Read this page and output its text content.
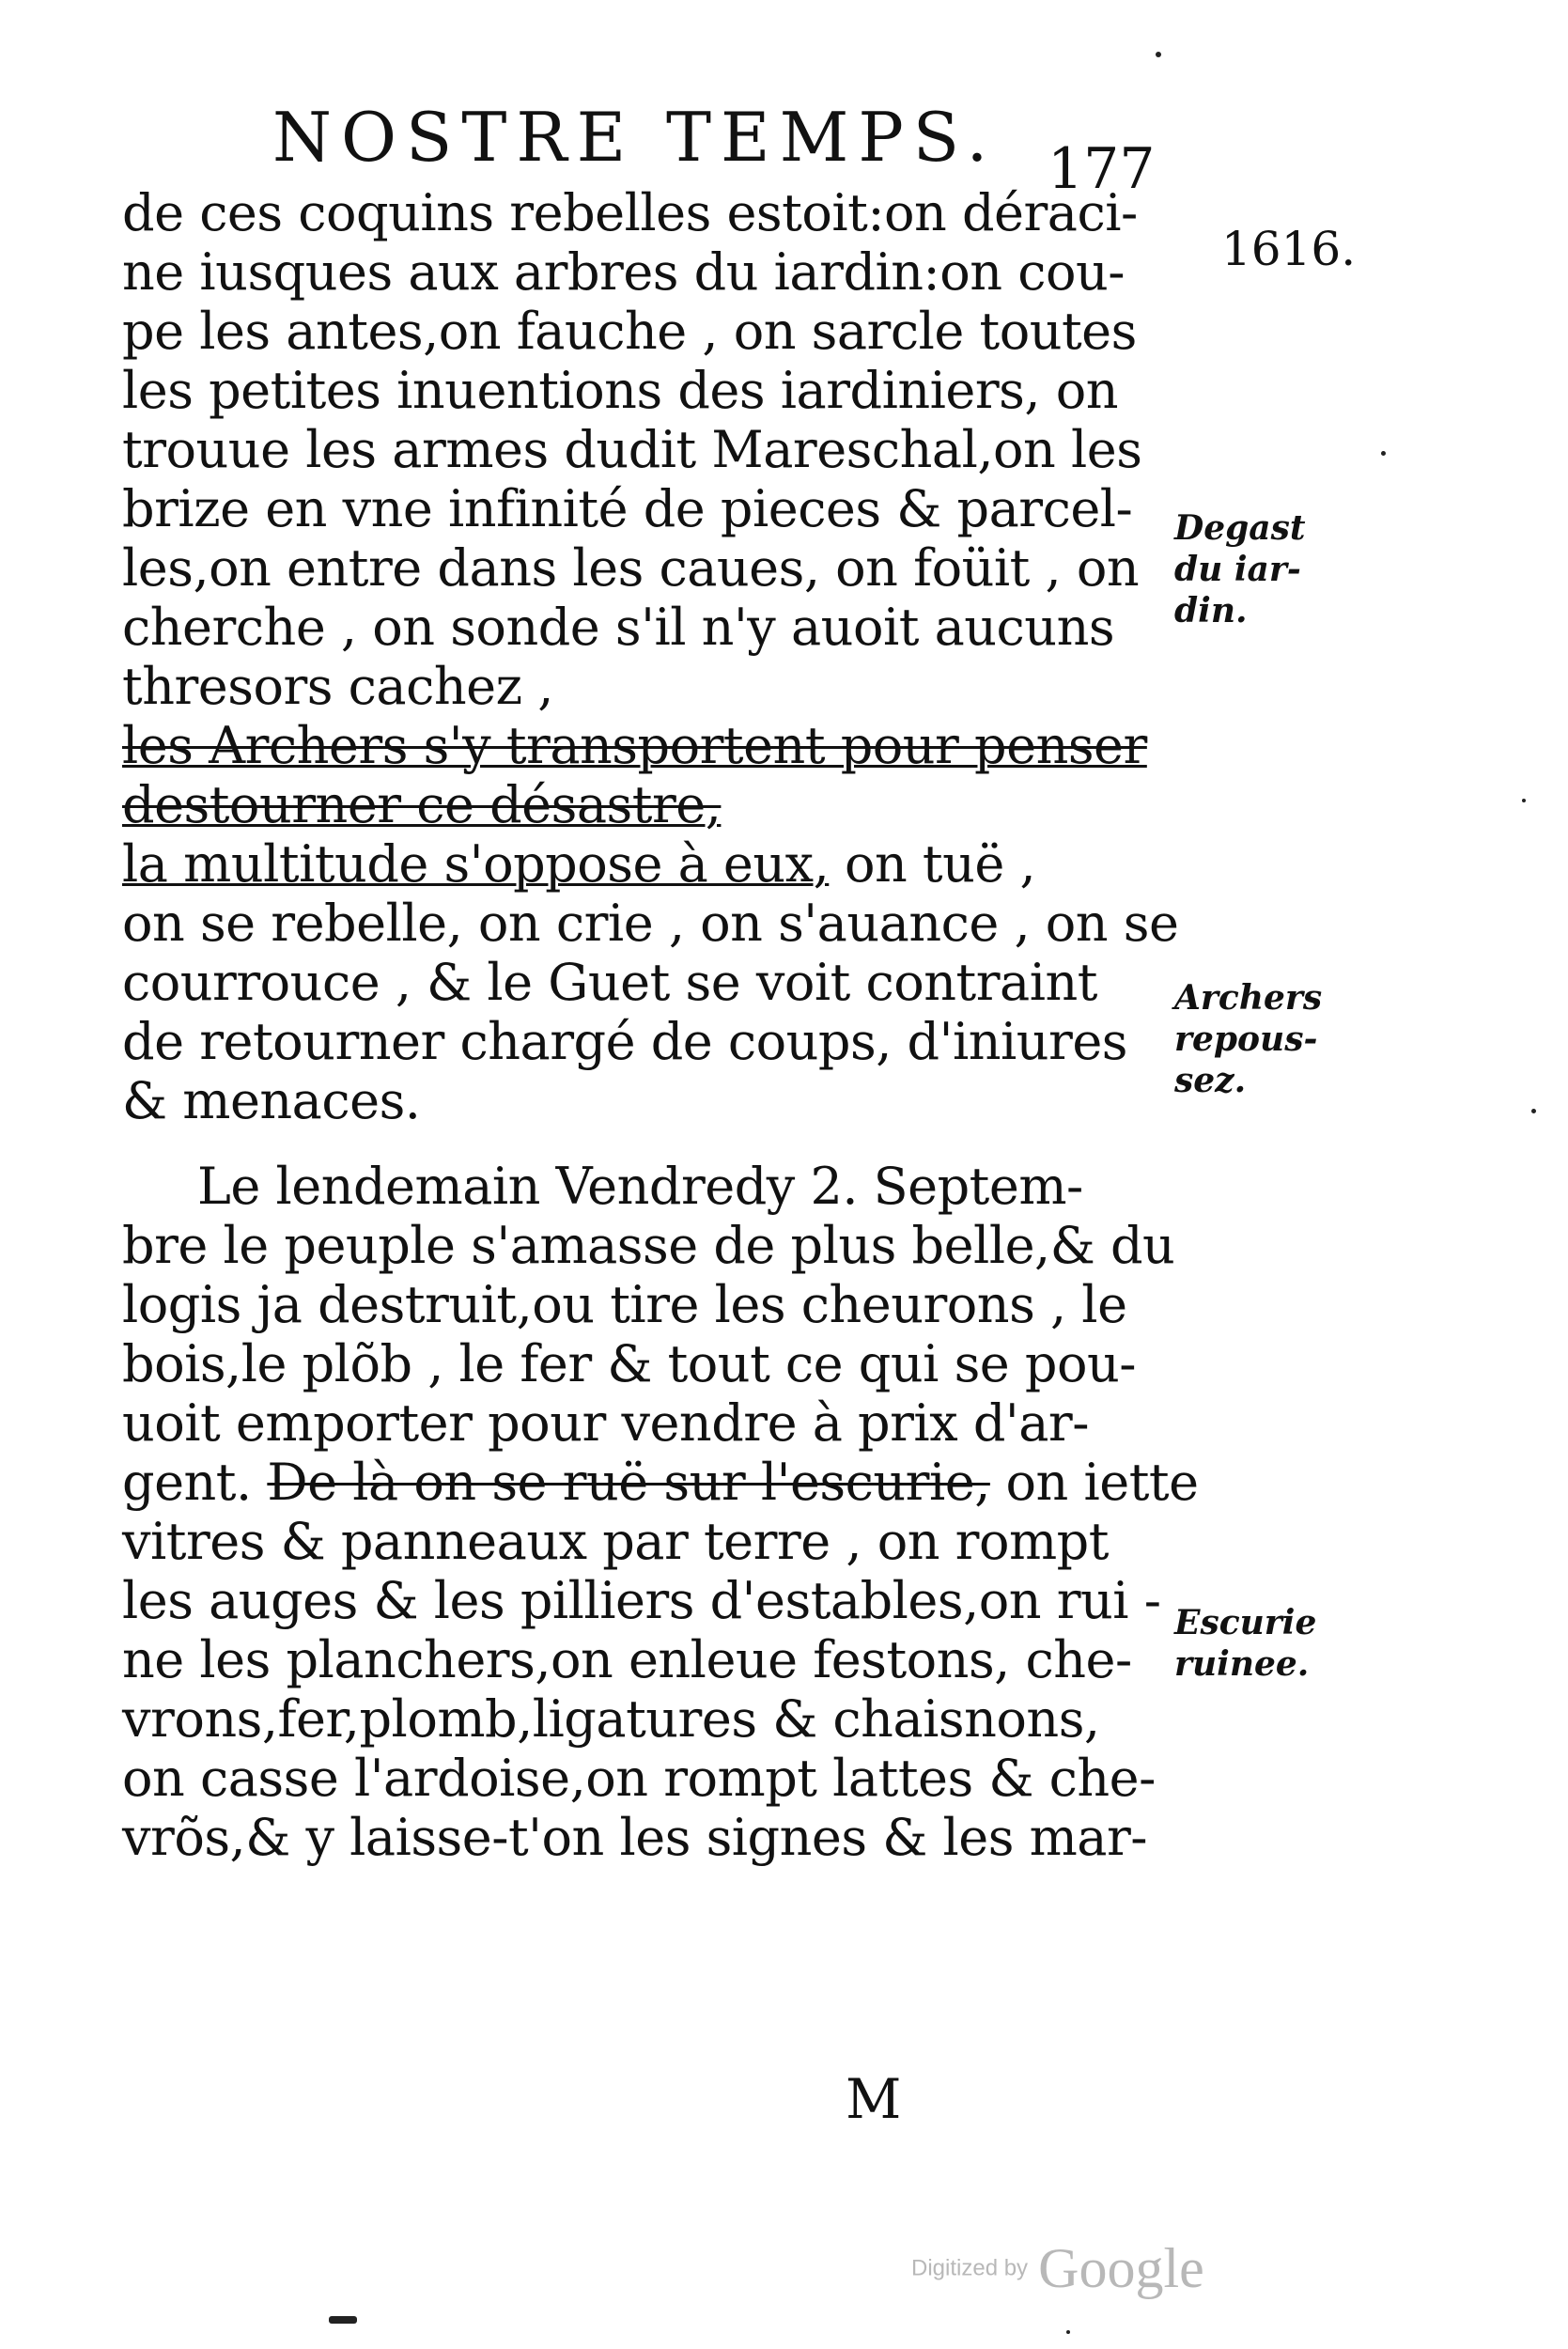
NOSTRE TEMPS. 177
1616.
Degast
du iar-
din.
Archers
repous-
sez.
Escurie
ruinee.
de ces coquins rebelles estoit:on déraci-
ne iusques aux arbres du iardin:on cou-
pe les antes,on fauche , on sarcle toutes
les petites inuentions des iardiniers, on
trouue les armes dudit Mareschal,on les
brize en vne infinité de pieces & parcel-
les,on entre dans les caues, on foüit , on
cherche , on sonde s'il n'y auoit aucuns
thresors cachez ,
les Archers s'y transportent pour penser destourner ce désastre,
la multitude s'oppose à eux, on tuë ,
on se rebelle, on crie , on s'auance , on se
courrouce , & le Guet se voit contraint
de retourner chargé de coups, d'iniures
& menaces.
Le lendemain Vendredy 2. Septem-
bre le peuple s'amasse de plus belle,& du
logis ja destruit,ou tire les cheurons , le
bois,le plõb , le fer & tout ce qui se pou-
uoit emporter pour vendre à prix d'ar-
gent. De là on se ruë sur l'escurie, on iette
vitres & panneaux par terre , on rompt
les auges & les pilliers d'estables,on rui -
ne les planchers,on enleue festons, che-
vrons,fer,plomb,ligatures & chaisnons,
on casse l'ardoise,on rompt lattes & che-
vrõs,& y laisse-t'on les signes & les mar-
M
Digitized by Google
